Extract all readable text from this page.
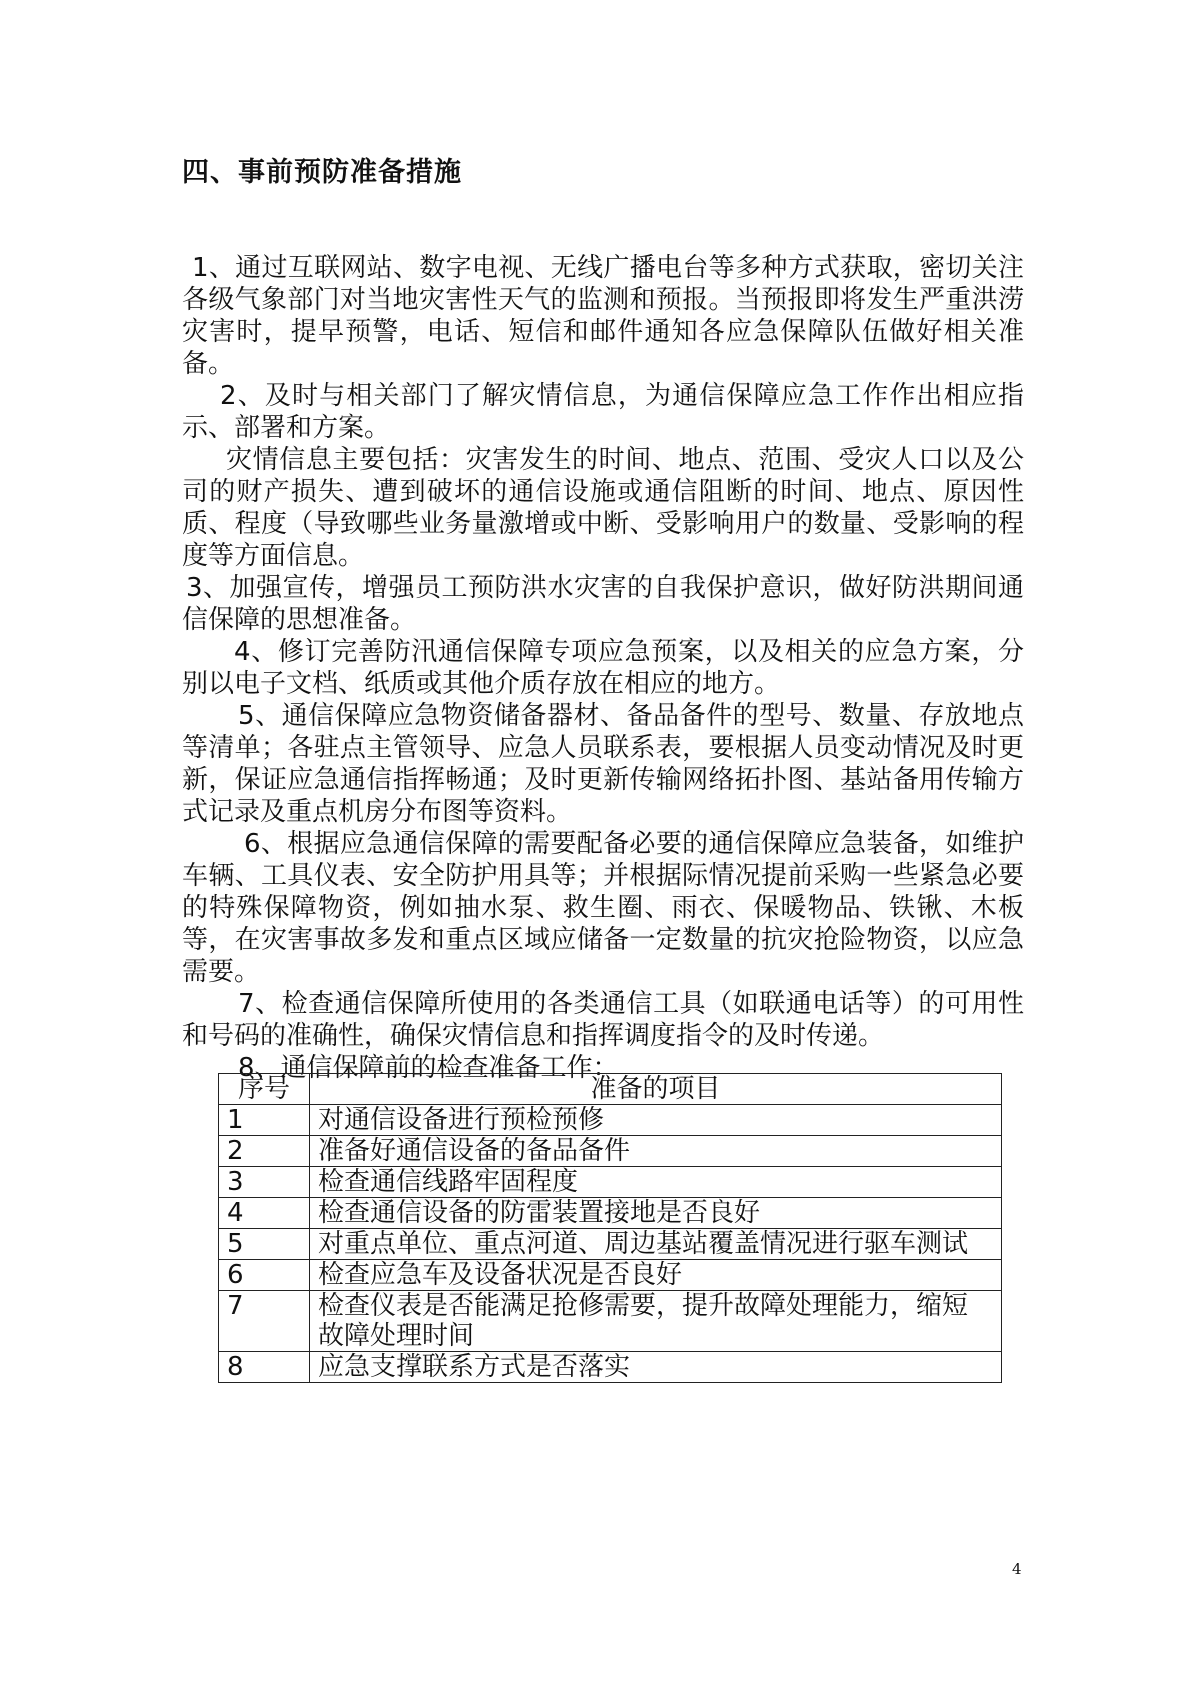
四、事前预防准备措施

1、通过互联网站、数字电视、无线广播电台等多种方式获取，密切关注各级气象部门对当地灾害性天气的监测和预报。当预报即将发生严重洪涝灾害时，提早预警，电话、短信和邮件通知各应急保障队伍做好相关准备。

2、及时与相关部门了解灾情信息，为通信保障应急工作作出相应指示、部署和方案。

灾情信息主要包括：灾害发生的时间、地点、范围、受灾人口以及公司的财产损失、遭到破坏的通信设施或通信阻断的时间、地点、原因性质、程度（导致哪些业务量激增或中断、受影响用户的数量、受影响的程度等方面信息。

3、加强宣传，增强员工预防洪水灾害的自我保护意识，做好防洪期间通信保障的思想准备。

4、修订完善防汛通信保障专项应急预案，以及相关的应急方案，分别以电子文档、纸质或其他介质存放在相应的地方。

5、通信保障应急物资储备器材、备品备件的型号、数量、存放地点等清单；各驻点主管领导、应急人员联系表，要根据人员变动情况及时更新，保证应急通信指挥畅通；及时更新传输网络拓扑图、基站备用传输方式记录及重点机房分布图等资料。

6、根据应急通信保障的需要配备必要的通信保障应急装备，如维护车辆、工具仪表、安全防护用具等；并根据际情况提前采购一些紧急必要的特殊保障物资，例如抽水泵、救生圈、雨衣、保暖物品、铁锹、木板等，在灾害事故多发和重点区域应储备一定数量的抗灾抢险物资，以应急需要。

7、检查通信保障所使用的各类通信工具（如联通电话等）的可用性和号码的准确性，确保灾情信息和指挥调度指令的及时传递。

8、通信保障前的检查准备工作：

序号	准备的项目
1	对通信设备进行预检预修
2	准备好通信设备的备品备件
3	检查通信线路牢固程度
4	检查通信设备的防雷装置接地是否良好
5	对重点单位、重点河道、周边基站覆盖情况进行驱车测试
6	检查应急车及设备状况是否良好
7	检查仪表是否能满足抢修需要，提升故障处理能力，缩短故障处理时间
8	应急支撑联系方式是否落实
4
